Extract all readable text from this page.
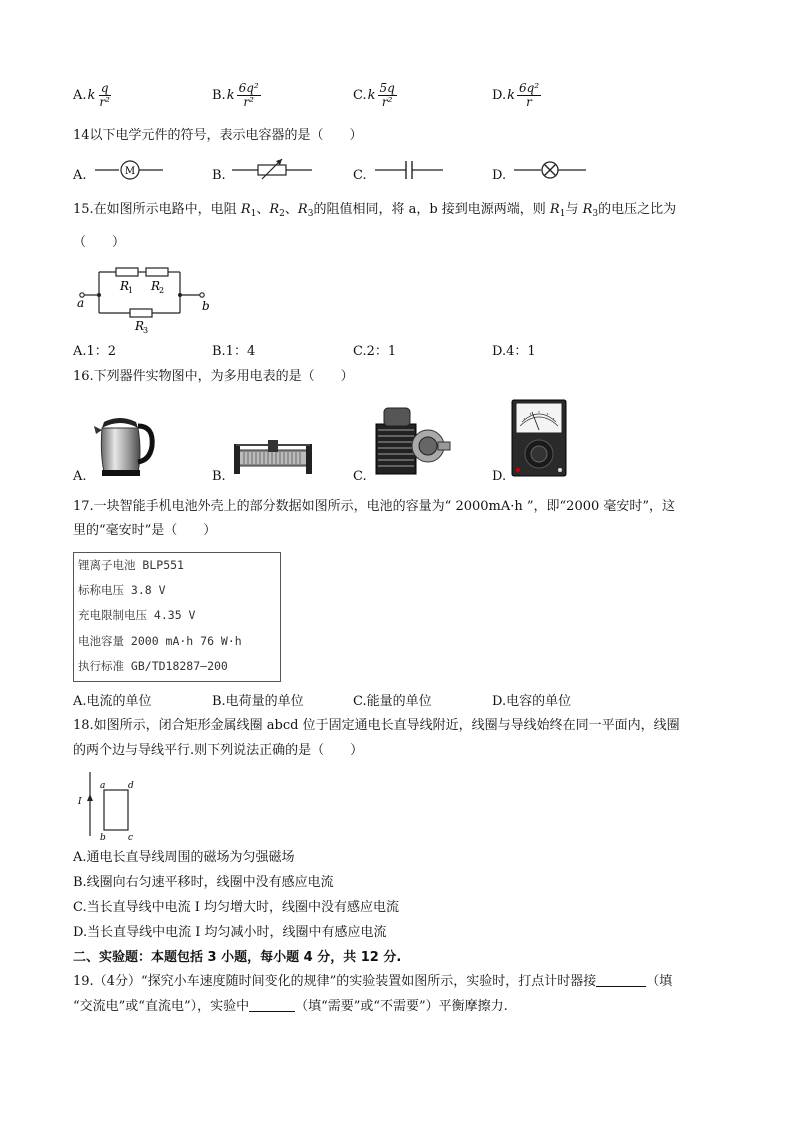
$A.k \frac{q}{\text{r²}}$	$B.k \frac{\text{6q²}}{\text{r²}}$	$C.k \frac{5q}{\text{r²}}$	$D.k \frac{\text{6q²}}{r}$
14以下电学元件的符号，表示电容器的是（　　）
A.	M	B.	C.	D.
15.在如图所示电路中，电阻 $R_1$、$R_2$、$R_3$的阻值相同，将 a，b 接到电源两端，则 $R_1$与 $R_3$的电压之比为
（　　）
a	b
R
1 R
2
R
3
A.1：2	B.1：4	C.2：1	D.4：1
16.下列器件实物图中，为多用电表的是（　　）
A.	B.	C.	D.
17.一块智能手机电池外壳上的部分数据如图所示，电池的容量为“ 2000mA·h ”，即“2000 毫安时”，这
里的“毫安时”是（　　）
锂离子电池 BLP551
标称电压 3.8 V
充电限制电压 4.35 V
电池容量 2000 mA·h 76 W·h
执行标准 GB/TD18287—200
A.电流的单位	B.电荷量的单位	C.能量的单位	D.电容的单位
18.如图所示，闭合矩形金属线圈 abcd 位于固定通电长直导线附近，线圈与导线始终在同一平面内，线圈
的两个边与导线平行.则下列说法正确的是（　　）
I
a	d
b c
A.通电长直导线周围的磁场为匀强磁场
B.线圈向右匀速平移时，线圈中没有感应电流
C.当长直导线中电流 I 均匀增大时，线圈中没有感应电流
D.当长直导线中电流 I 均匀减小时，线圈中有感应电流
二、实验题：本题包括 3 小题，每小题 4 分，共 12 分.
19.（4分）“探究小车速度随时间变化的规律”的实验装置如图所示，实验时，打点计时器接	（填
“交流电”或“直流电”），实验中	（填“需要”或“不需要”）平衡摩擦力.
